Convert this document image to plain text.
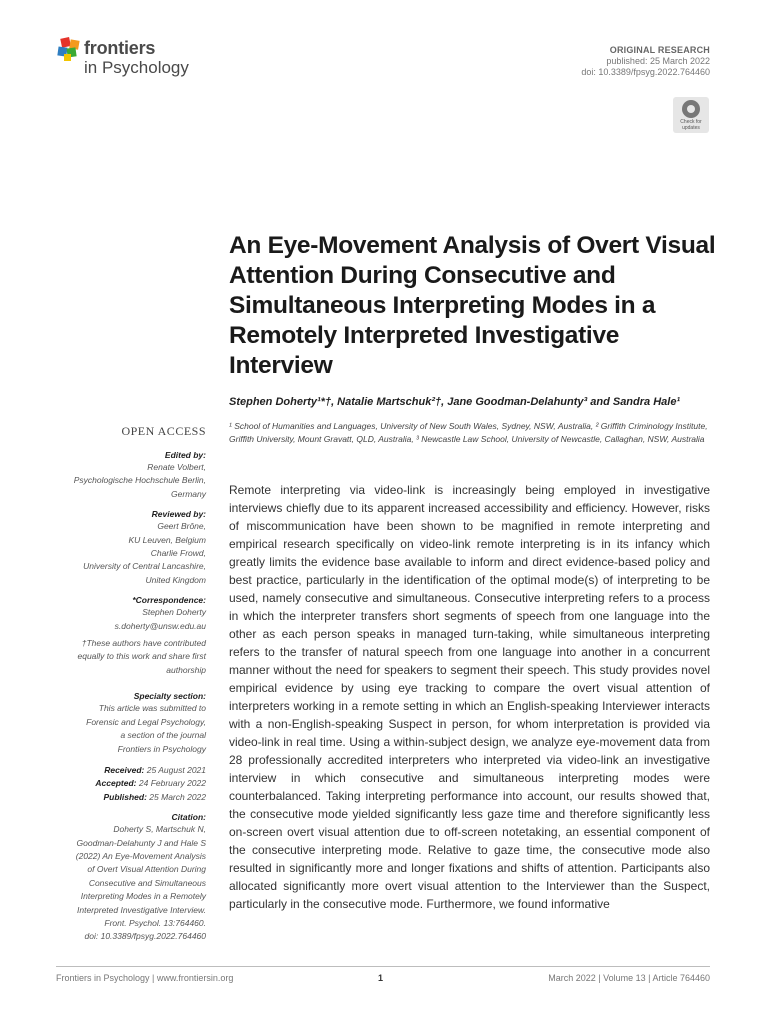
frontiers
in Psychology
ORIGINAL RESEARCH
published: 25 March 2022
doi: 10.3389/fpsyg.2022.764460
Check for updates
An Eye-Movement Analysis of Overt Visual Attention During Consecutive and Simultaneous Interpreting Modes in a Remotely Interpreted Investigative Interview
Stephen Doherty¹*†, Natalie Martschuk²†, Jane Goodman-Delahunty³ and Sandra Hale¹
¹ School of Humanities and Languages, University of New South Wales, Sydney, NSW, Australia, ² Griffith Criminology Institute, Griffith University, Mount Gravatt, QLD, Australia, ³ Newcastle Law School, University of Newcastle, Callaghan, NSW, Australia
OPEN ACCESS
Edited by:
Renate Volbert,
Psychologische Hochschule Berlin,
Germany
Reviewed by:
Geert Brône,
KU Leuven, Belgium
Charlie Frowd,
University of Central Lancashire,
United Kingdom
*Correspondence:
Stephen Doherty
s.doherty@unsw.edu.au
†These authors have contributed
equally to this work and share first
authorship
Specialty section:
This article was submitted to
Forensic and Legal Psychology,
a section of the journal
Frontiers in Psychology
Received: 25 August 2021
Accepted: 24 February 2022
Published: 25 March 2022
Citation:
Doherty S, Martschuk N,
Goodman-Delahunty J and Hale S
(2022) An Eye-Movement Analysis
of Overt Visual Attention During
Consecutive and Simultaneous
Interpreting Modes in a Remotely
Interpreted Investigative Interview.
Front. Psychol. 13:764460.
doi: 10.3389/fpsyg.2022.764460

Remote interpreting via video-link is increasingly being employed in investigative interviews chiefly due to its apparent increased accessibility and efficiency. However, risks of miscommunication have been shown to be magnified in remote interpreting and empirical research specifically on video-link remote interpreting is in its infancy which greatly limits the evidence base available to inform and direct evidence-based policy and best practice, particularly in the identification of the optimal mode(s) of interpreting to be used, namely consecutive and simultaneous. Consecutive interpreting refers to a process in which the interpreter transfers short segments of speech from one language into the other as each person speaks in managed turn-taking, while simultaneous interpreting refers to the transfer of natural speech from one language into another in a concurrent manner without the need for speakers to segment their speech. This study provides novel empirical evidence by using eye tracking to compare the overt visual attention of interpreters working in a remote setting in which an English-speaking Interviewer interacts with a non-English-speaking Suspect in person, for whom interpretation is provided via video-link in real time. Using a within-subject design, we analyze eye-movement data from 28 professionally accredited interpreters who interpreted via video-link an investigative interview in which consecutive and simultaneous interpreting modes were counterbalanced. Taking interpreting performance into account, our results showed that, the consecutive mode yielded significantly less gaze time and therefore significantly less on-screen overt visual attention due to off-screen notetaking, an essential component of the consecutive interpreting mode. Relative to gaze time, the consecutive mode also resulted in significantly more and longer fixations and shifts of attention. Participants also allocated significantly more overt visual attention to the Interviewer than the Suspect, particularly in the consecutive mode. Furthermore, we found informative

Frontiers in Psychology | www.frontiersin.org	1	March 2022 | Volume 13 | Article 764460
